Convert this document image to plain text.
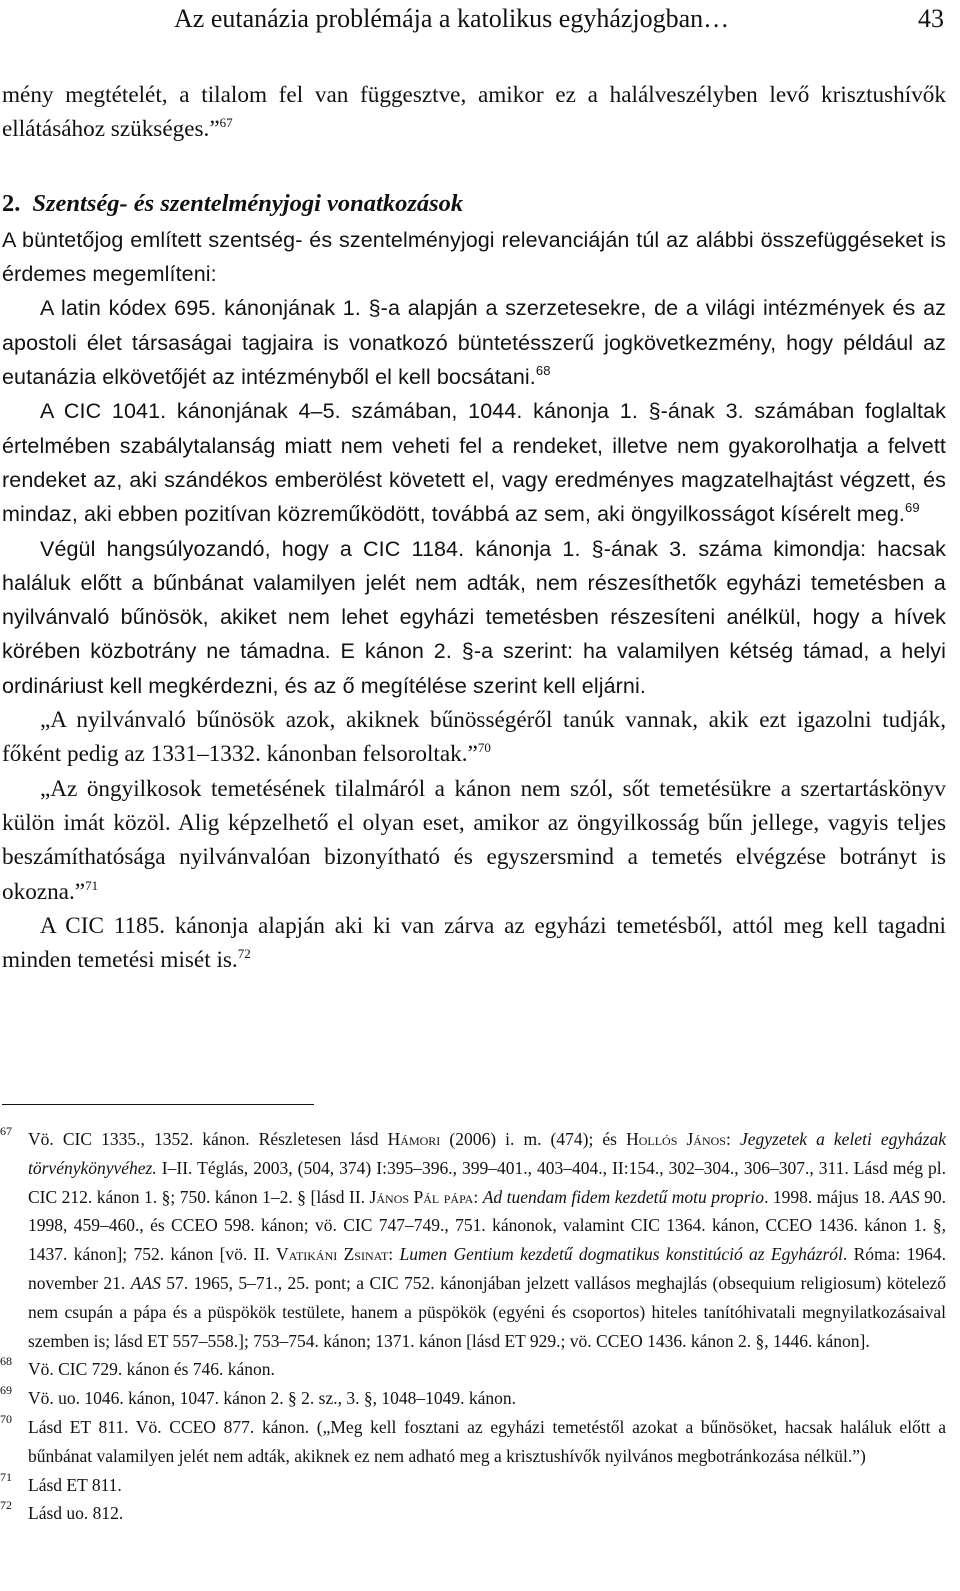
Az eutanázia problémája a katolikus egyházjogban…	43

mény megtételét, a tilalom fel van függesztve, amikor ez a halálveszélyben levő krisztushívők ellátásához szükséges.”$^{67}$

2. Szentség- és szentelményjogi vonatkozások

A büntetőjog említett szentség- és szentelményjogi relevanciáján túl az alábbi összefüggéseket is érdemes megemlíteni:

A latin kódex 695. kánonjának 1. §-a alapján a szerzetesekre, de a világi intézmények és az apostoli élet társaságai tagjaira is vonatkozó büntetésszerű jogkövetkezmény, hogy például az eutanázia elkövetőjét az intézményből el kell bocsátani.$^{68}$

A CIC 1041. kánonjának 4–5. számában, 1044. kánonja 1. §-ának 3. számában foglaltak értelmében szabálytalanság miatt nem veheti fel a rendeket, illetve nem gyakorolhatja a felvett rendeket az, aki szándékos emberölést követett el, vagy eredményes magzatelhajtást végzett, és mindaz, aki ebben pozitívan közreműködött, továbbá az sem, aki öngyilkosságot kísérelt meg.$^{69}$

Végül hangsúlyozandó, hogy a CIC 1184. kánonja 1. §-ának 3. száma kimondja: hacsak haláluk előtt a bűnbánat valamilyen jelét nem adták, nem részesíthetők egyházi temetésben a nyilvánvaló bűnösök, akiket nem lehet egyházi temetésben részesíteni anélkül, hogy a hívek körében közbotrány ne támadna. E kánon 2. §-a szerint: ha valamilyen kétség támad, a helyi ordináriust kell megkérdezni, és az ő megítélése szerint kell eljárni.

„A nyilvánvaló bűnösök azok, akiknek bűnösségéről tanúk vannak, akik ezt igazolni tudják, főként pedig az 1331–1332. kánonban felsoroltak.”$^{70}$

„Az öngyilkosok temetésének tilalmáról a kánon nem szól, sőt temetésükre a szertartáskönyv külön imát közöl. Alig képzelhető el olyan eset, amikor az öngyilkosság bűn jellege, vagyis teljes beszámíthatósága nyilvánvalóan bizonyítható és egyszersmind a temetés elvégzése botrányt is okozna.”$^{71}$

A CIC 1185. kánonja alapján aki ki van zárva az egyházi temetésből, attól meg kell tagadni minden temetési misét is.$^{72}$

67 Vö. CIC 1335., 1352. kánon. Részletesen lásd Hámori (2006) i. m. (474); és Hollós János: Jegyzetek a keleti egyházak törvénykönyvéhez. I–II. Téglás, 2003, (504, 374) I:395–396., 399–401., 403–404., II:154., 302–304., 306–307., 311. Lásd még pl. CIC 212. kánon 1. §; 750. kánon 1–2. § [lásd II. János Pál pápa: Ad tuendam fidem kezdetű motu proprio. 1998. május 18. AAS 90. 1998, 459–460., és CCEO 598. kánon; vö. CIC 747–749., 751. kánonok, valamint CIC 1364. kánon, CCEO 1436. kánon 1. §, 1437. kánon]; 752. kánon [vö. II. Vatikáni Zsinat: Lumen Gentium kezdetű dogmatikus konstitúció az Egyházról. Róma: 1964. november 21. AAS 57. 1965, 5–71., 25. pont; a CIC 752. kánonjában jelzett vallásos meghajlás (obsequium religiosum) kötelező nem csupán a pápa és a püspökök testülete, hanem a püspökök (egyéni és csoportos) hiteles tanítóhivatali megnyilatkozásaival szemben is; lásd ET 557–558.]; 753–754. kánon; 1371. kánon [lásd ET 929.; vö. CCEO 1436. kánon 2. §, 1446. kánon].

68 Vö. CIC 729. kánon és 746. kánon.

69 Vö. uo. 1046. kánon, 1047. kánon 2. § 2. sz., 3. §, 1048–1049. kánon.

70 Lásd ET 811. Vö. CCEO 877. kánon. („Meg kell fosztani az egyházi temetéstől azokat a bűnösöket, hacsak haláluk előtt a bűnbánat valamilyen jelét nem adták, akiknek ez nem adható meg a krisztushívők nyilvános megbotránkozása nélkül.”)

71 Lásd ET 811.

72 Lásd uo. 812.
